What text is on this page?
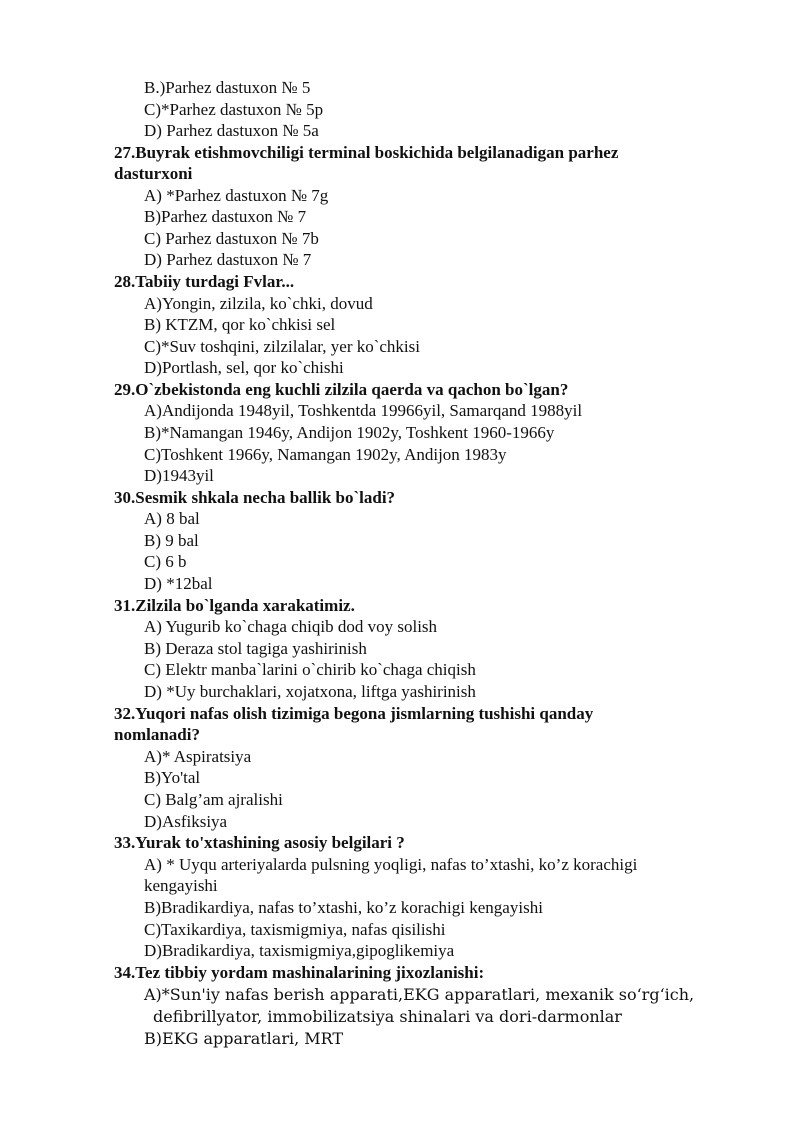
B.)Parhez dastuxon № 5
C)*Parhez dastuxon № 5p
D) Parhez dastuxon № 5a
27.Buyrak etishmovchiligi terminal boskichida belgilanadigan parhez
dasturxoni
A) *Parhez dastuxon № 7g
B)Parhez dastuxon № 7
C) Parhez dastuxon № 7b
D) Parhez dastuxon № 7
28.Tabiiy turdagi Fvlar...
A)Yongin, zilzila, ko`chki, dovud
B) KTZM, qor ko`chkisi sel
C)*Suv toshqini, zilzilalar, yer ko`chkisi
D)Portlash, sel, qor ko`chishi
29.O`zbekistonda eng kuchli zilzila qaerda va qachon bo`lgan?
A)Andijonda 1948yil, Toshkentda 19966yil, Samarqand 1988yil
B)*Namangan 1946y, Andijon 1902y, Toshkent 1960-1966y
C)Toshkent 1966y, Namangan 1902y, Andijon 1983y
D)1943yil
30.Sesmik shkala necha ballik bo`ladi?
A) 8 bal
B) 9 bal
C) 6 b
D) *12bal
31.Zilzila bo`lganda xarakatimiz.
A) Yugurib ko`chaga chiqib dod voy solish
B) Deraza stol tagiga yashirinish
C) Elektr manba`larini o`chirib ko`chaga chiqish
D) *Uy burchaklari, xojatxona, liftga yashirinish
32.Yuqori nafas olish tizimiga begona jismlarning tushishi qanday
nomlanadi?
A)* Aspiratsiya
B)Yo'tal
C) Balg’am ajralishi
D)Asfiksiya
33.Yurak to'xtashining asosiy belgilari ?
A) * Uyqu arteriyalarda pulsning yoqligi, nafas to’xtashi, ko’z korachigi
kengayishi
B)Bradikardiya, nafas to’xtashi, ko’z korachigi kengayishi
C)Taxikardiya, taxismigmiya, nafas qisilishi
D)Bradikardiya, taxismigmiya,gipoglikemiya
34.Tez tibbiy yordam mashinalarining jixozlanishi:
A)*Sun'iy nafas berish apparati,EKG apparatlari, mexanik so‘rg‘ich,
defibrillyator, immobilizatsiya shinalari va dori-darmonlar
B)EKG apparatlari, MRT
